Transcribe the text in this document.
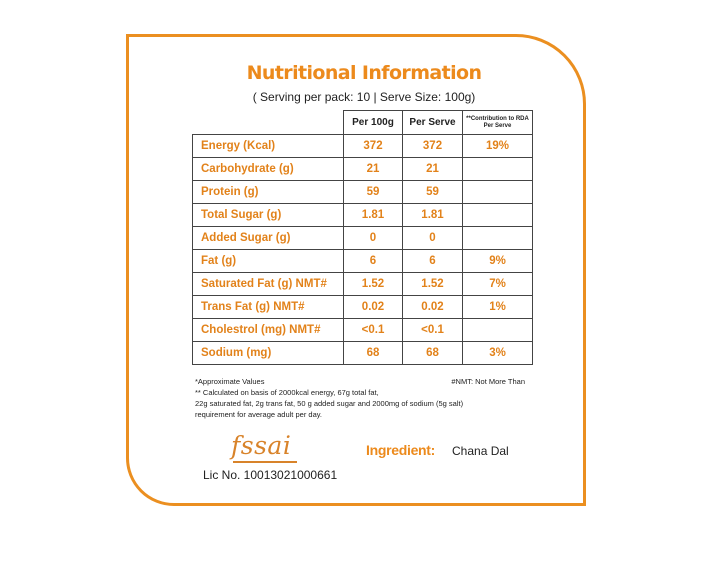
Nutritional Information
( Serving per pack: 10 | Serve Size: 100g)
	Per 100g	Per Serve	**Contribution to RDA Per Serve
Energy (Kcal)	372	372	19%
Carbohydrate (g)	21	21	
Protein (g)	59	59	
Total Sugar (g)	1.81	1.81	
Added Sugar (g)	0	0	
Fat (g)	6	6	9%
Saturated Fat (g) NMT#	1.52	1.52	7%
Trans Fat (g) NMT#	0.02	0.02	1%
Cholestrol (mg) NMT#	<0.1	<0.1	
Sodium (mg)	68	68	3%
*Approximate Values	#NMT: Not More Than
** Calculated on basis of 2000kcal energy, 67g total fat,
22g saturated fat, 2g trans fat, 50 g added sugar and 2000mg of sodium (5g salt)
requirement for average adult per day.
fssai
Lic No. 10013021000661
Ingredient: Chana Dal
